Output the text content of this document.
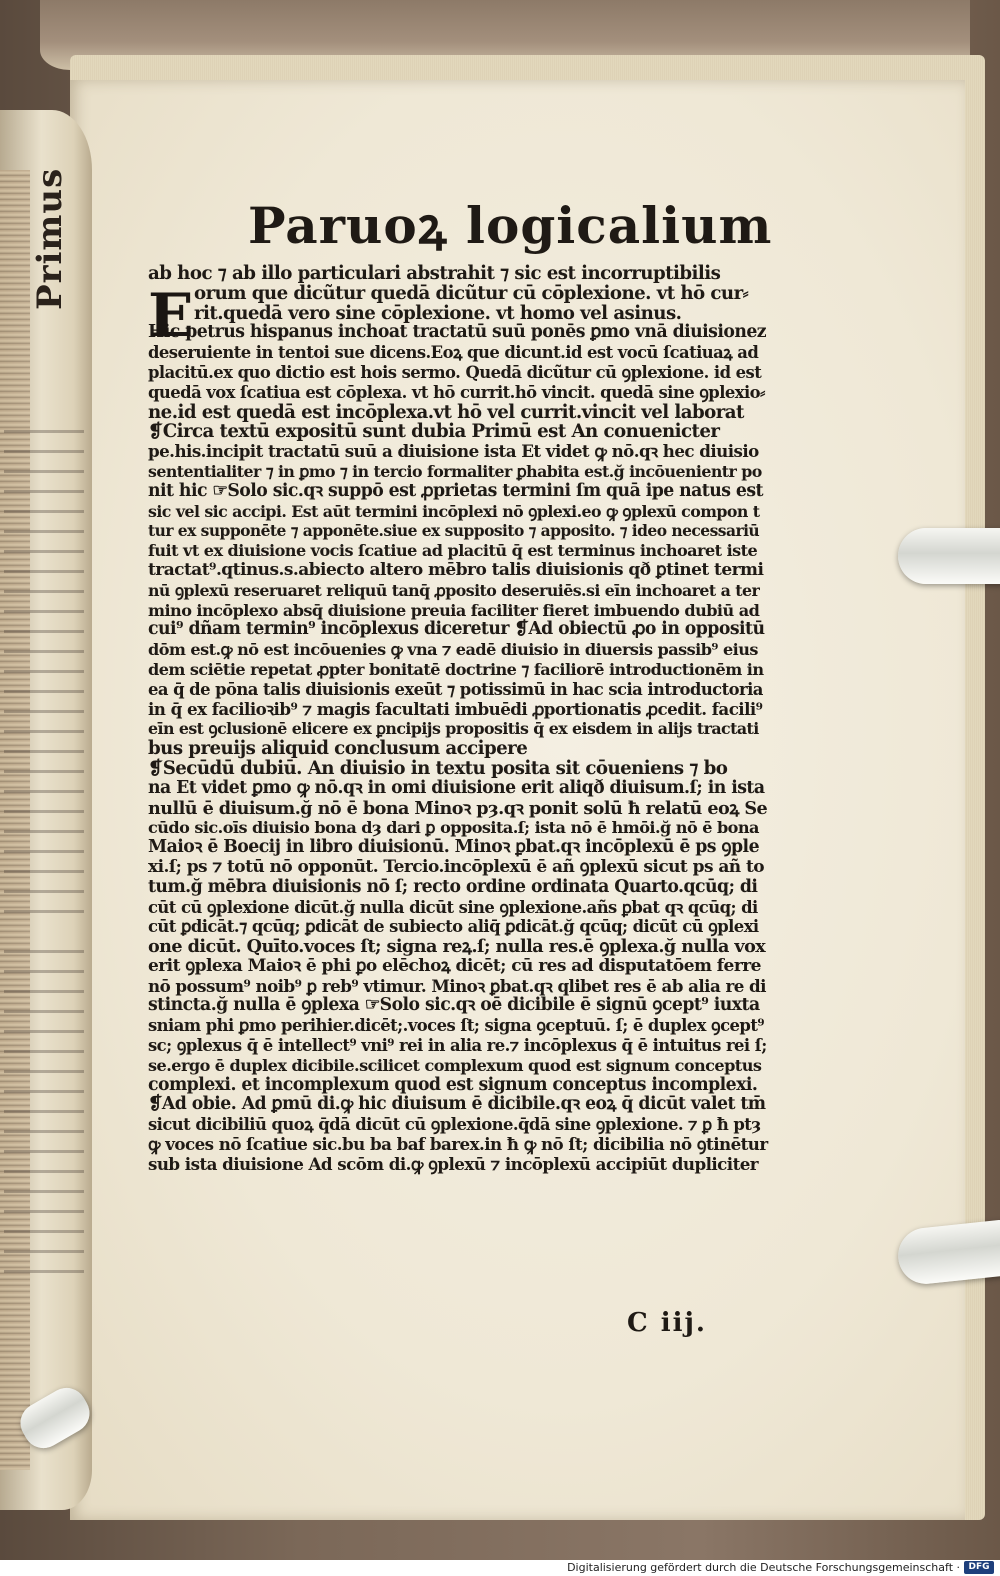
Primus	Paruoꝝ logicalium
ab hoc ⁊ ab illo particulari abstrahit ⁊ sic est incorruptibilis
orum que dicũtur quedā dicũtur cū cōplexione. vt hō cur⸗
rit.quedā vero sine cōplexione. vt homo vel asinus.
Hic petrus hispanus inchoat tractatū suū ponēs ꝑmo vnā diuisionez
deseruiente in tentoi sue dicens.Eoꝝ que dicunt.id est vocū ſcatiuaꝝ ad
placitū.ex quo dictio est hois sermo. Quedā dicũtur cū ꝯplexione. id est
quedā vox ſcatiua est cōplexa. vt hō currit.hō vincit. quedā sine ꝯplexio⸗
ne.id est quedā est incōplexa.vt hō vel currit.vincit vel laborat
❡Circa textū expositū sunt dubia Primū est An conuenicter
pe.his.incipit tractatū suū a diuisione ista Et videt ꝙ nō.qꝛ hec diuisio
sententialiter ⁊ in ꝑmo ⁊ in tercio formaliter ꝑhabita est.ğ incōuenientr po
nit hic ☞Solo sic.qꝛ suppō est ꝓprietas termini ſm quā ipe natus est
sic vel sic accipi. Est aūt termini incōplexi nō ꝯplexi.eo ꝙ ꝯplexū compon t
tur ex supponēte ⁊ apponēte.siue ex supposito ⁊ apposito. ⁊ ideo necessariū
fuit vt ex diuisione vocis ſcatiue ad placitū q̄ est terminus inchoaret iste
tractat⁹.qtinus.s.abiecto altero mēbro talis diuisionis qð ꝑtinet termi
nū ꝯplexū reseruaret reliquū tanq̄ ꝓposito deseruiēs.si eīn inchoaret a ter
mino incōplexo absq̄ diuisione preuia faciliter fieret imbuendo dubiū ad
cui⁹ dñam termin⁹ incōplexus diceretur ❡Ad obiectū ꝓo in oppositū
dōm est.ꝙ nō est incōuenies ꝙ vna ⁊ eadē diuisio in diuersis passib⁹ eius
dem sciētie repetat ꝓpter bonitatē doctrine ⁊ faciliorē introductionēm in
ea q̄ de pōna talis diuisionis exeūt ⁊ potissimū in hac scia introductoria
in q̄ ex facilioꝛib⁹ ⁊ magis facultati imbuēdi ꝓportionatis ꝓcedit. facili⁹
eīn est ꝯclusionē elicere ex ꝑncipijs propositis q̄ ex eisdem in alijs tractati
bus preuijs aliquid conclusum accipere
❡Secūdū dubiū. An diuisio in textu posita sit cōueniens ⁊ bo
na Et videt ꝑmo ꝙ nō.qꝛ in omi diuisione erit aliqð diuisum.ſ; in ista
nullū ē diuisum.ğ nō ē bona Minoꝛ pȝ.qꝛ ponit solū ħ relatū eoꝝ Se
cūdo sic.oīs diuisio bona dȝ dari ꝑ opposita.ſ; ista nō ē hmōi.ğ nō ē bona
Maioꝛ ē Boecij in libro diuisionū. Minoꝛ ꝑbat.qꝛ incōplexū ē ps ꝯple
xi.ſ; ps ⁊ totū nō opponūt. Tercio.incōplexū ē añ ꝯplexū sicut ps añ to
tum.ğ mēbra diuisionis nō ſ; recto ordine ordinata Quarto.qcūq; di
cūt cū ꝯplexione dicūt.ğ nulla dicūt sine ꝯplexione.añs ꝑbat qꝛ qcūq; di
cūt ꝑdicāt.⁊ qcūq; ꝑdicāt de subiecto aliq̄ ꝑdicāt.ğ qcūq; dicūt cū ꝯplexi
one dicūt. Quīto.voces ſt; signa reꝝ.ſ; nulla res.ē ꝯplexa.ğ nulla vox
erit ꝯplexa Maioꝛ ē phi ꝑo elēchoꝝ dicēt; cū res ad disputatōem ferre
nō possum⁹ noib⁹ ꝑ reb⁹ vtimur. Minoꝛ ꝑbat.qꝛ qlibet res ē ab alia re di
stincta.ğ nulla ē ꝯplexa ☞Solo sic.qꝛ oē dicibile ē signū ꝯcept⁹ iuxta
sniam phi ꝑmo perihier.dicēt;.voces ſt; signa ꝯceptuū. ſ; ē duplex ꝯcept⁹
sc; ꝯplexus q̄ ē intellect⁹ vni⁹ rei in alia re.⁊ incōplexus q̄ ē intuitus rei ſ;
se.ergo ē duplex dicibile.scilicet complexum quod est signum conceptus
complexi. et incomplexum quod est signum conceptus incomplexi.
❡Ad obie. Ad ꝑmū di.ꝙ hic diuisum ē dicibile.qꝛ eoꝝ q̄ dicūt valet tm̄
sicut dicibiliū quoꝝ q̄dā dicūt cū ꝯplexione.q̄dā sine ꝯplexione. ⁊ ꝑ ħ ptȝ
ꝙ voces nō ſcatiue sic.bu ba baf barex.in ħ ꝙ nō ſt; dicibilia nō ꝯtinētur
sub ista diuisione Ad scōm di.ꝙ ꝯplexū ⁊ incōplexū accipiūt dupliciter
E
C iij.
Digitalisierung gefördert durch die Deutsche Forschungsgemeinschaft · DFG
